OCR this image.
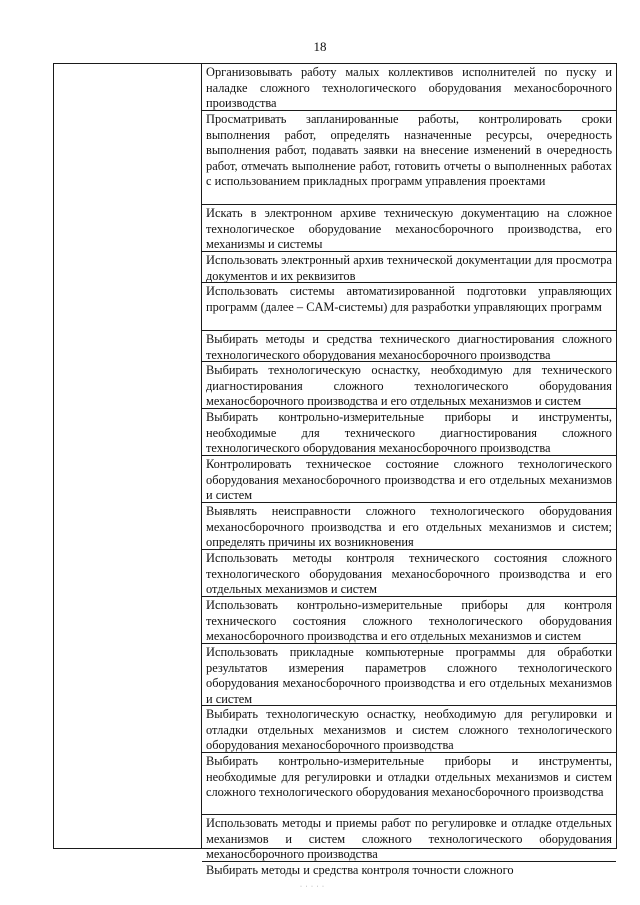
18
Организовывать работу малых коллективов исполнителей по пуску и наладке сложного технологического оборудования механосборочного производства
Просматривать запланированные работы, контролировать сроки выполнения работ, определять назначенные ресурсы, очередность выполнения работ, подавать заявки на внесение изменений в очередность работ, отмечать выполнение работ, готовить отчеты о выполненных работах с использованием прикладных программ управления проектами
Искать в электронном архиве техническую документацию на сложное технологическое оборудование механосборочного производства, его механизмы и системы
Использовать электронный архив технической документации для просмотра документов и их реквизитов
Использовать системы автоматизированной подготовки управляющих программ (далее – CAM-системы) для разработки управляющих программ
Выбирать методы и средства технического диагностирования сложного технологического оборудования механосборочного производства
Выбирать технологическую оснастку, необходимую для технического диагностирования сложного технологического оборудования механосборочного производства и его отдельных механизмов и систем
Выбирать контрольно-измерительные приборы и инструменты, необходимые для технического диагностирования сложного технологического оборудования механосборочного производства
Контролировать техническое состояние сложного технологического оборудования механосборочного производства и его отдельных механизмов и систем
Выявлять неисправности сложного технологического оборудования механосборочного производства и его отдельных механизмов и систем; определять причины их возникновения
Использовать методы контроля технического состояния сложного технологического оборудования механосборочного производства и его отдельных механизмов и систем
Использовать контрольно-измерительные приборы для контроля технического состояния сложного технологического оборудования механосборочного производства и его отдельных механизмов и систем
Использовать прикладные компьютерные программы для обработки результатов измерения параметров сложного технологического оборудования механосборочного производства и его отдельных механизмов и систем
Выбирать технологическую оснастку, необходимую для регулировки и отладки отдельных механизмов и систем сложного технологического оборудования механосборочного производства
Выбирать контрольно-измерительные приборы и инструменты, необходимые для регулировки и отладки отдельных механизмов и систем сложного технологического оборудования механосборочного производства
Использовать методы и приемы работ по регулировке и отладке отдельных механизмов и систем сложного технологического оборудования механосборочного производства
Выбирать методы и средства контроля точности сложного
· · · · ·
